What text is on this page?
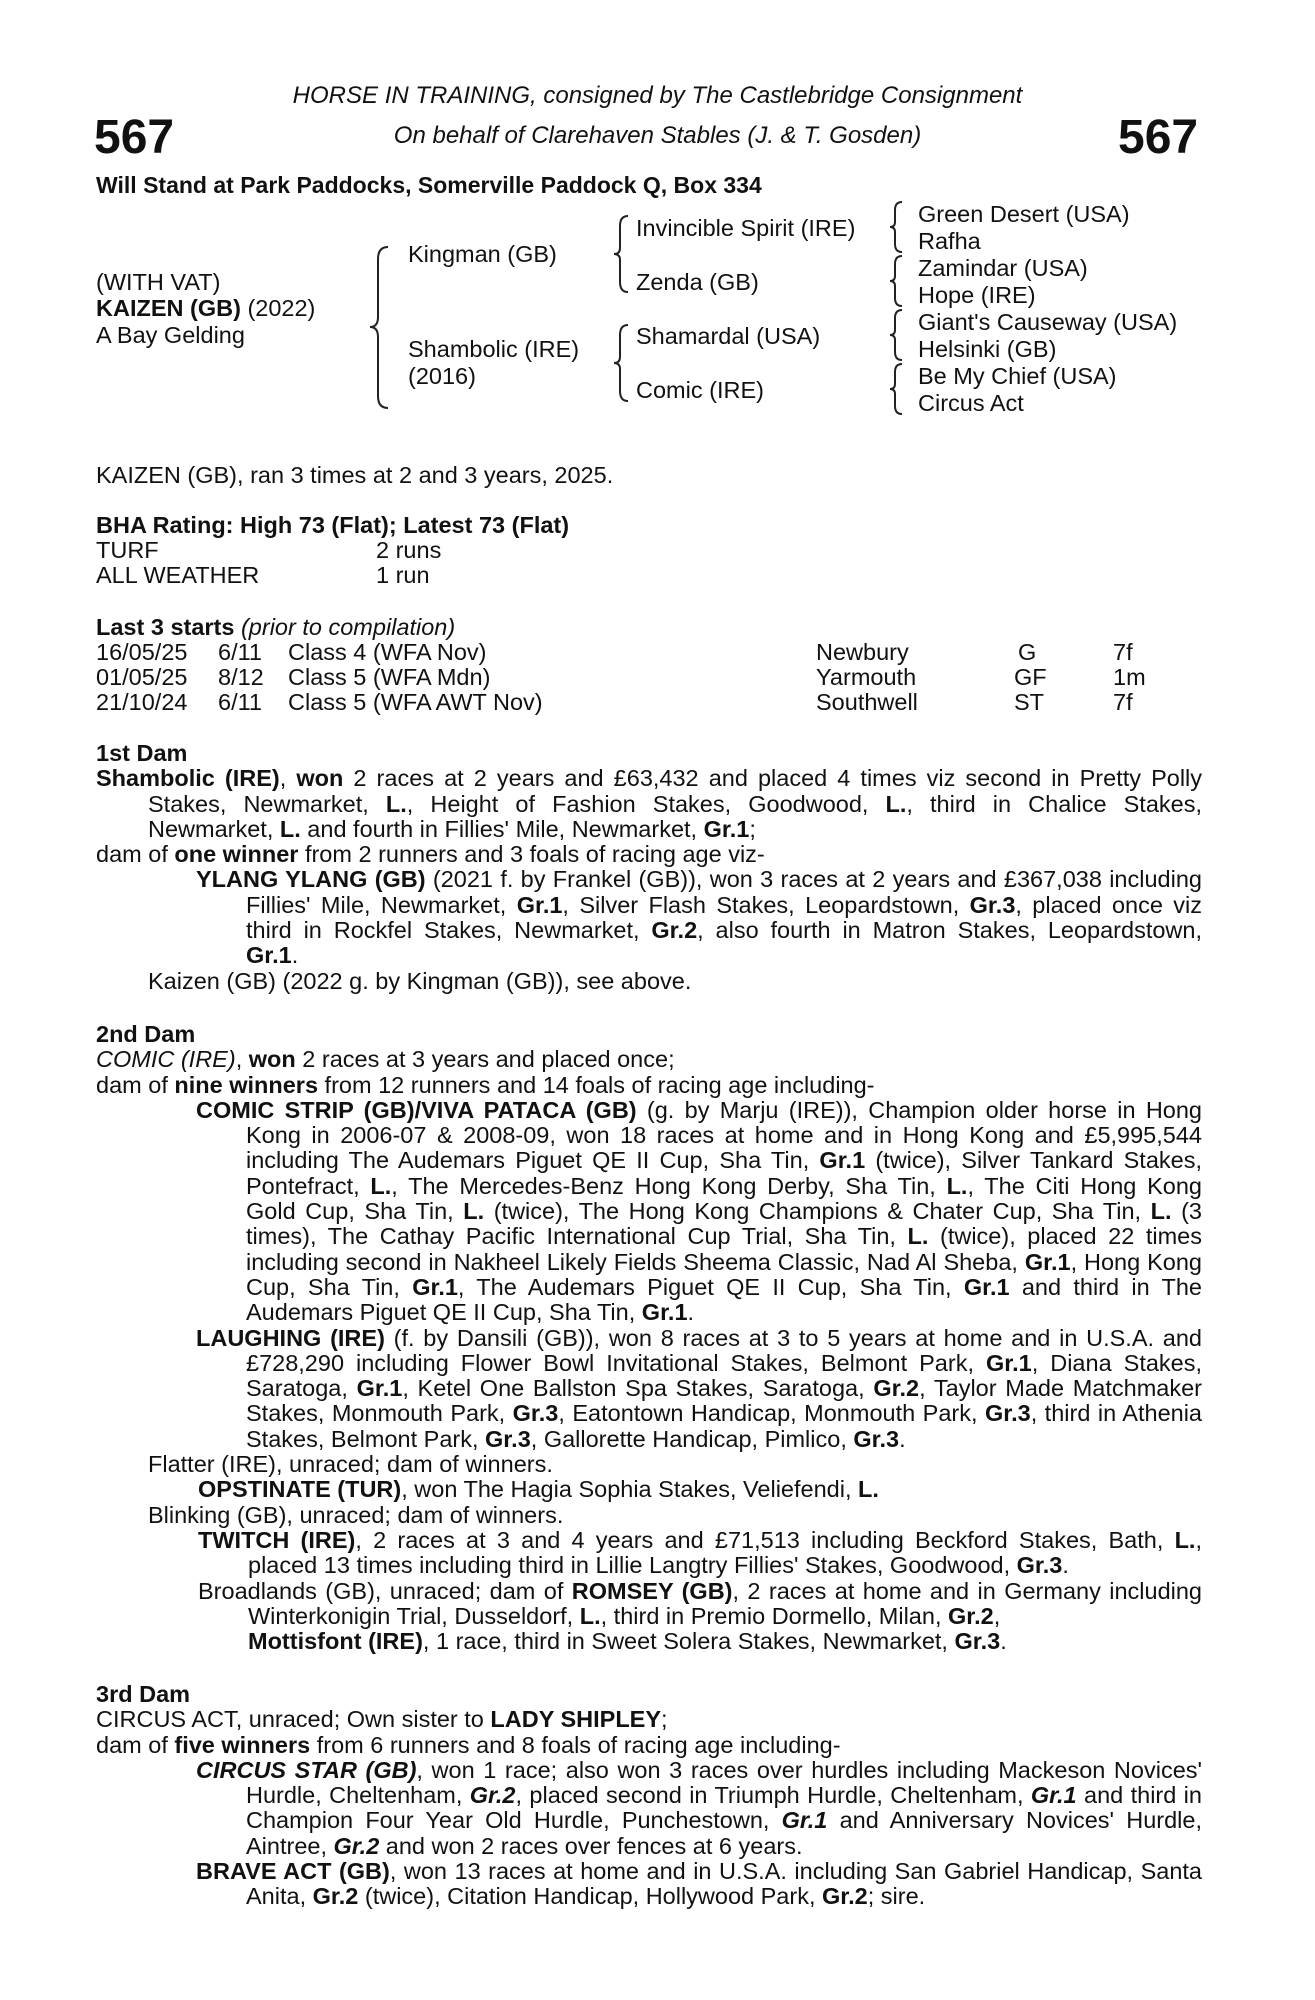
567	567
HORSE IN TRAINING, consigned by The Castlebridge Consignment
On behalf of Clarehaven Stables (J. & T. Gosden)
Will Stand at Park Paddocks, Somerville Paddock Q, Box 334
(WITH VAT)
KAIZEN (GB) (2022)
A Bay Gelding
Kingman (GB)
Shambolic (IRE)
(2016)
Invincible Spirit (IRE)
Zenda (GB)
Shamardal (USA)
Comic (IRE)
Green Desert (USA)
Rafha
Zamindar (USA)
Hope (IRE)
Giant's Causeway (USA)
Helsinki (GB)
Be My Chief (USA)
Circus Act
KAIZEN (GB), ran 3 times at 2 and 3 years, 2025.
BHA Rating: High 73 (Flat); Latest 73 (Flat)
TURF	2 runs
ALL WEATHER	1 run
Last 3 starts (prior to compilation)
16/05/25 6/11 Class 4 (WFA Nov)	Newbury	G	7f
01/05/25 8/12 Class 5 (WFA Mdn)	Yarmouth	GF	1m
21/10/24 6/11 Class 5 (WFA AWT Nov)	Southwell	ST	7f
1st Dam
Shambolic (IRE), won 2 races at 2 years and £63,432 and placed 4 times viz second in Pretty Polly Stakes, Newmarket, L., Height of Fashion Stakes, Goodwood, L., third in Chalice Stakes, Newmarket, L. and fourth in Fillies' Mile, Newmarket, Gr.1;
dam of one winner from 2 runners and 3 foals of racing age viz-
YLANG YLANG (GB) (2021 f. by Frankel (GB)), won 3 races at 2 years and £367,038 including Fillies' Mile, Newmarket, Gr.1, Silver Flash Stakes, Leopardstown, Gr.3, placed once viz third in Rockfel Stakes, Newmarket, Gr.2, also fourth in Matron Stakes, Leopardstown, Gr.1.
Kaizen (GB) (2022 g. by Kingman (GB)), see above.
2nd Dam
COMIC (IRE), won 2 races at 3 years and placed once;
dam of nine winners from 12 runners and 14 foals of racing age including-
COMIC STRIP (GB)/VIVA PATACA (GB) (g. by Marju (IRE)), Champion older horse in Hong Kong in 2006-07 & 2008-09, won 18 races at home and in Hong Kong and £5,995,544 including The Audemars Piguet QE II Cup, Sha Tin, Gr.1 (twice), Silver Tankard Stakes, Pontefract, L., The Mercedes-Benz Hong Kong Derby, Sha Tin, L., The Citi Hong Kong Gold Cup, Sha Tin, L. (twice), The Hong Kong Champions & Chater Cup, Sha Tin, L. (3 times), The Cathay Pacific International Cup Trial, Sha Tin, L. (twice), placed 22 times including second in Nakheel Likely Fields Sheema Classic, Nad Al Sheba, Gr.1, Hong Kong Cup, Sha Tin, Gr.1, The Audemars Piguet QE II Cup, Sha Tin, Gr.1 and third in The Audemars Piguet QE II Cup, Sha Tin, Gr.1.
LAUGHING (IRE) (f. by Dansili (GB)), won 8 races at 3 to 5 years at home and in U.S.A. and £728,290 including Flower Bowl Invitational Stakes, Belmont Park, Gr.1, Diana Stakes, Saratoga, Gr.1, Ketel One Ballston Spa Stakes, Saratoga, Gr.2, Taylor Made Matchmaker Stakes, Monmouth Park, Gr.3, Eatontown Handicap, Monmouth Park, Gr.3, third in Athenia Stakes, Belmont Park, Gr.3, Gallorette Handicap, Pimlico, Gr.3.
Flatter (IRE), unraced; dam of winners.
OPSTINATE (TUR), won The Hagia Sophia Stakes, Veliefendi, L.
Blinking (GB), unraced; dam of winners.
TWITCH (IRE), 2 races at 3 and 4 years and £71,513 including Beckford Stakes, Bath, L., placed 13 times including third in Lillie Langtry Fillies' Stakes, Goodwood, Gr.3.
Broadlands (GB), unraced; dam of ROMSEY (GB), 2 races at home and in Germany including Winterkonigin Trial, Dusseldorf, L., third in Premio Dormello, Milan, Gr.2,
Mottisfont (IRE), 1 race, third in Sweet Solera Stakes, Newmarket, Gr.3.
3rd Dam
CIRCUS ACT, unraced; Own sister to LADY SHIPLEY;
dam of five winners from 6 runners and 8 foals of racing age including-
CIRCUS STAR (GB), won 1 race; also won 3 races over hurdles including Mackeson Novices' Hurdle, Cheltenham, Gr.2, placed second in Triumph Hurdle, Cheltenham, Gr.1 and third in Champion Four Year Old Hurdle, Punchestown, Gr.1 and Anniversary Novices' Hurdle, Aintree, Gr.2 and won 2 races over fences at 6 years.
BRAVE ACT (GB), won 13 races at home and in U.S.A. including San Gabriel Handicap, Santa Anita, Gr.2 (twice), Citation Handicap, Hollywood Park, Gr.2; sire.
